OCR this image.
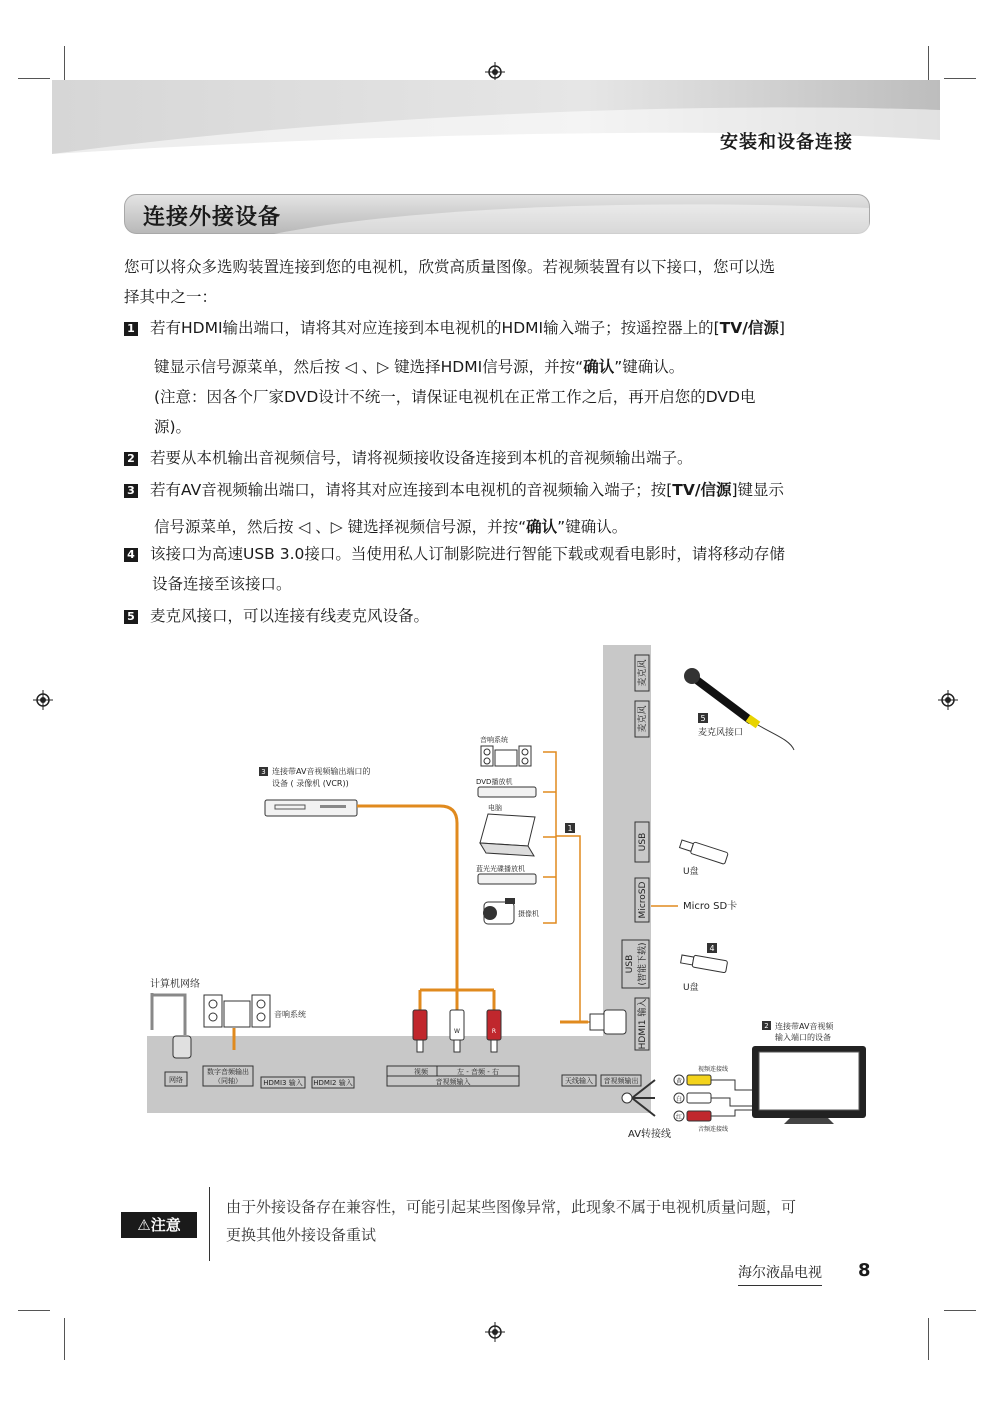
安装和设备连接
连接外接设备
您可以将众多选购装置连接到您的电视机，欣赏高质量图像。若视频装置有以下接口，您可以选
择其中之一：
1 若有HDMI输出端口，请将其对应连接到本电视机的HDMI输入端子；按遥控器上的[TV/信源]
键显示信号源菜单，然后按 ◁ 、▷ 键选择HDMI信号源，并按“确认”键确认。
(注意：因各个厂家DVD设计不统一，请保证电视机在正常工作之后，再开启您的DVD电
源)。
2 若要从本机输出音视频信号，请将视频接收设备连接到本机的音视频输出端子。
3 若有AV音视频输出端口，请将其对应连接到本电视机的音视频输入端子；按[TV/信源]键显示
信号源菜单，然后按 ◁ 、▷ 键选择视频信号源，并按“确认”键确认。
4 该接口为高速USB 3.0接口。当使用私人订制影院进行智能下载或观看电影时，请将移动存储
设备连接至该接口。
5 麦克风接口，可以连接有线麦克风设备。
麦克风
麦克风
USB
MicroSD
USB (智能下载)
HDMI1 输入
5
麦克风接口
U盘
Micro SD卡
4
U盘
3 连接带AV音视频输出端口的
设备 ( 录像机 (VCR))
1
音响系统
DVD播放机
电脑
蓝光光碟播放机
摄像机
计算机网络
音响系统
W	R
网络
数字音频输出
（同轴）	HDMI3 输入 HDMI2 输入
视频	左 - 音频 - 右
音视频输入	天线输入 音视频输出	黄
白
红
视频连接线
音频连接线
AV转接线
2 连接带AV音视频
输入端口的设备
⚠注意
由于外接设备存在兼容性，可能引起某些图像异常，此现象不属于电视机质量问题，可
更换其他外接设备重试
海尔液晶电视 8
